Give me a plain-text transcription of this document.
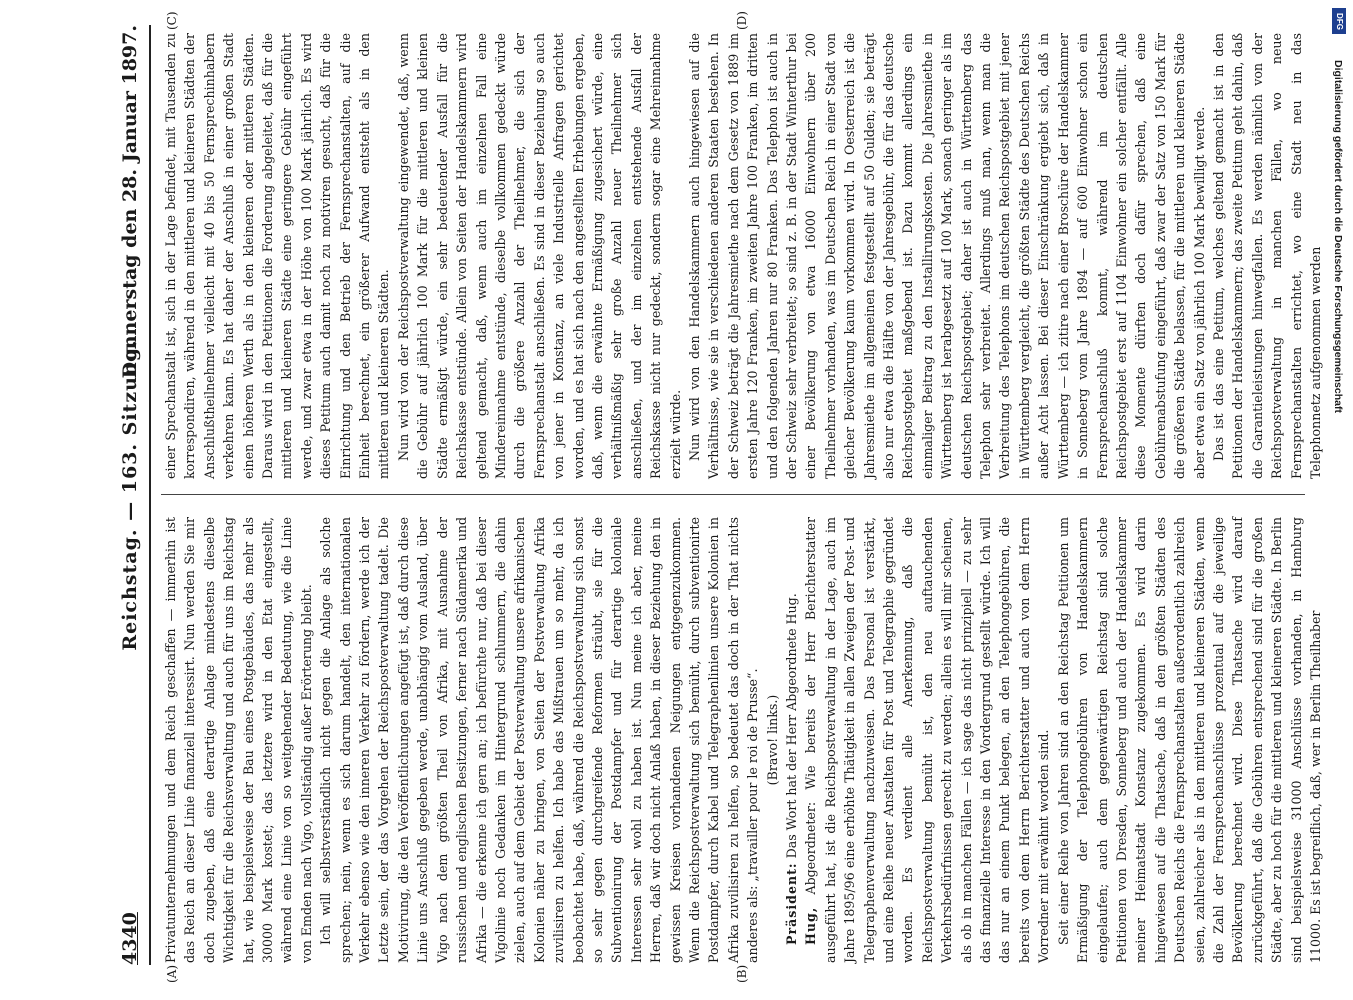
4340
Reichstag. — 163. Sitzung.
Donnerstag den 28. Januar 1897.
(A)	(B)
(C)	(D)

Privatunternehmungen und dem Reich geschaffen — immerhin ist das Reich an dieser Linie finanziell interessirt. Nun werden Sie mir doch zugeben, daß eine derartige Anlage mindestens dieselbe Wichtigkeit für die Reichsverwaltung und auch für uns im Reichstag hat, wie beispielsweise der Bau eines Postgebäudes, das mehr als 30000 Mark kostet; das letztere wird in den Etat eingestellt, während eine Linie von so weitgehender Bedeutung, wie die Linie von Emden nach Vigo, vollständig außer Erörterung bleibt. Ich will selbstverständlich nicht gegen die Anlage als solche sprechen; nein, wenn es sich darum handelt, den internationalen Verkehr ebenso wie den inneren Verkehr zu fördern, werde ich der Letzte sein, der das Vorgehen der Reichspostverwaltung tadelt. Die Motivirung, die den Veröffentlichungen angefügt ist, daß durch diese Linie uns Anschluß gegeben werde, unabhängig vom Ausland, über Vigo nach dem größten Theil von Afrika, mit Ausnahme der russischen und englischen Besitzungen, ferner nach Südamerika und Afrika — die erkenne ich gern an; ich befürchte nur, daß bei dieser Vigolinie noch Gedanken im Hintergrund schlummern, die dahin zielen, auch auf dem Gebiet der Postverwaltung unsere afrikanischen Kolonien näher zu bringen, von Seiten der Postverwaltung Afrika zuvilisiren zu helfen. Ich habe das Mißtrauen um so mehr, da ich beobachtet habe, daß, während die Reichspostverwaltung sich sonst so sehr gegen durchgreifende Reformen sträubt, sie für die Subventionirung der Postdampfer und für derartige koloniale Interessen sehr wohl zu haben ist. Nun meine ich aber, meine Herren, daß wir doch nicht Anlaß haben, in dieser Beziehung den in gewissen Kreisen vorhandenen Neigungen entgegenzukommen. Wenn die Reichspostverwaltung sich bemüht, durch subventionirte Postdampfer, durch Kabel und Telegraphenlinien unsere Kolonien in Afrika zuvilisiren zu helfen, so bedeutet das doch in der That nichts anderes als: „travailler pour le roi de Prusse“. (Bravo! links.)

Präsident: Das Wort hat der Herr Abgeordnete Hug.

Hug, Abgeordneter: Wie bereits der Herr Berichterstatter ausgeführt hat, ist die Reichspostverwaltung in der Lage, auch im Jahre 1895/96 eine erhöhte Thätigkeit in allen Zweigen der Post- und Telegraphenverwaltung nachzuweisen. Das Personal ist verstärkt, und eine Reihe neuer Anstalten für Post und Telegraphie gegründet worden. Es verdient alle Anerkennung, daß die Reichspostverwaltung bemüht ist, den neu auftauchenden Verkehrsbedürfnissen gerecht zu werden; allein es will mir scheinen, als ob in manchen Fällen — ich sage das nicht prinzipiell — zu sehr das finanzielle Interesse in den Vordergrund gestellt würde. Ich will das nur an einem Punkt belegen, an den Telephongebühren, die bereits von dem Herrn Berichterstatter und auch von dem Herrn Vorredner mit erwähnt worden sind. Seit einer Reihe von Jahren sind an den Reichstag Petitionen um Ermäßigung der Telephongebühren von Handelskammern eingelaufen; auch dem gegenwärtigen Reichstag sind solche Petitionen von Dresden, Sonneberg und auch der Handelskammer meiner Heimatstadt Konstanz zugekommen. Es wird darin hingewiesen auf die Thatsache, daß in den größten Städten des Deutschen Reichs die Fernsprechanstalten außerordentlich zahlreich seien, zahlreicher als in den mittleren und kleineren Städten, wenn die Zahl der Fernsprechanschlüsse prozentual auf die jeweilige Bevölkerung berechnet wird. Diese Thatsache wird darauf zurückgeführt, daß die Gebühren entsprechend sind für die großen Städte, aber zu hoch für die mittleren und kleineren Städte. In Berlin sind beispielsweise 31000 Anschlüsse vorhanden, in Hamburg 11000. Es ist begreiflich, daß, wer in Berlin Theilhaber

einer Sprechanstalt ist, sich in der Lage befindet, mit Tausenden zu korrespondiren, während in den mittleren und kleineren Städten der Anschlußtheilnehmer vielleicht mit 40 bis 50 Fernsprechinhabern verkehren kann. Es hat daher der Anschluß in einer großen Stadt einen höheren Werth als in den kleineren oder mittleren Städten. Daraus wird in den Petitionen die Forderung abgeleitet, daß für die mittleren und kleineren Städte eine geringere Gebühr eingeführt werde, und zwar etwa in der Höhe von 100 Mark jährlich. Es wird dieses Petitum auch damit noch zu motiviren gesucht, daß für die Einrichtung und den Betrieb der Fernsprechanstalten, auf die Einheit berechnet, ein größerer Aufwand entsteht als in den mittleren und kleineren Städten. Nun wird von der Reichspostverwaltung eingewendet, daß, wenn die Gebühr auf jährlich 100 Mark für die mittleren und kleinen Städte ermäßigt würde, ein sehr bedeutender Ausfall für die Reichskasse entstünde. Allein von Seiten der Handelskammern wird geltend gemacht, daß, wenn auch im einzelnen Fall eine Mindereinnahme entstünde, dieselbe vollkommen gedeckt würde durch die größere Anzahl der Theilnehmer, die sich der Fernsprechanstalt anschließen. Es sind in dieser Beziehung so auch von jener in Konstanz, an viele Industrielle Anfragen gerichtet worden, und es hat sich nach den angestellten Erhebungen ergeben, daß, wenn die erwähnte Ermäßigung zugesichert würde, eine verhältnißmäßig sehr große Anzahl neuer Theilnehmer sich anschließen, und der im einzelnen entstehende Ausfall der Reichskasse nicht nur gedeckt, sondern sogar eine Mehreinnahme erzielt würde. Nun wird von den Handelskammern auch hingewiesen auf die Verhältnisse, wie sie in verschiedenen anderen Staaten bestehen. In der Schweiz beträgt die Jahresmiethe nach dem Gesetz von 1889 im ersten Jahre 120 Franken, im zweiten Jahre 100 Franken, im dritten und den folgenden Jahren nur 80 Franken. Das Telephon ist auch in der Schweiz sehr verbreitet; so sind z. B. in der Stadt Winterthur bei einer Bevölkerung von etwa 16000 Einwohnern über 200 Theilnehmer vorhanden, was im Deutschen Reich in einer Stadt von gleicher Bevölkerung kaum vorkommen wird. In Oesterreich ist die Jahresmiethe im allgemeinen festgestellt auf 50 Gulden; sie beträgt also nur etwa die Hälfte von der Jahresgebühr, die für das deutsche Reichspostgebiet maßgebend ist. Dazu kommt allerdings ein einmaliger Beitrag zu den Installirungskosten. Die Jahresmiethe in Württemberg ist herabgesetzt auf 100 Mark, sonach geringer als im deutschen Reichspostgebiet; daher ist auch in Württemberg das Telephon sehr verbreitet. Allerdings muß man, wenn man die Verbreitung des Telephons im deutschen Reichspostgebiet mit jener in Württemberg vergleicht, die größten Städte des Deutschen Reichs außer Acht lassen. Bei dieser Einschränkung ergiebt sich, daß in Württemberg — ich zitire nach einer Broschüre der Handelskammer in Sonneberg vom Jahre 1894 — auf 600 Einwohner schon ein Fernsprechanschluß kommt, während im deutschen Reichspostgebiet erst auf 1104 Einwohner ein solcher entfällt. Alle diese Momente dürften doch dafür sprechen, daß eine Gebührenabstufung eingeführt, daß zwar der Satz von 150 Mark für die größeren Städte belassen, für die mittleren und kleineren Städte aber etwa ein Satz von jährlich 100 Mark bewilligt werde. Das ist das eine Petitum, welches geltend gemacht ist in den Petitionen der Handelskammern; das zweite Petitum geht dahin, daß die Garantieleistungen hinwegfallen. Es werden nämlich von der Reichspostverwaltung in manchen Fällen, wo neue Fernsprechanstalten errichtet, wo eine Stadt neu in das Telephonnetz aufgenommen werden

DFG
Digitalisierung gefördert durch die Deutsche Forschungsgemeinschaft
